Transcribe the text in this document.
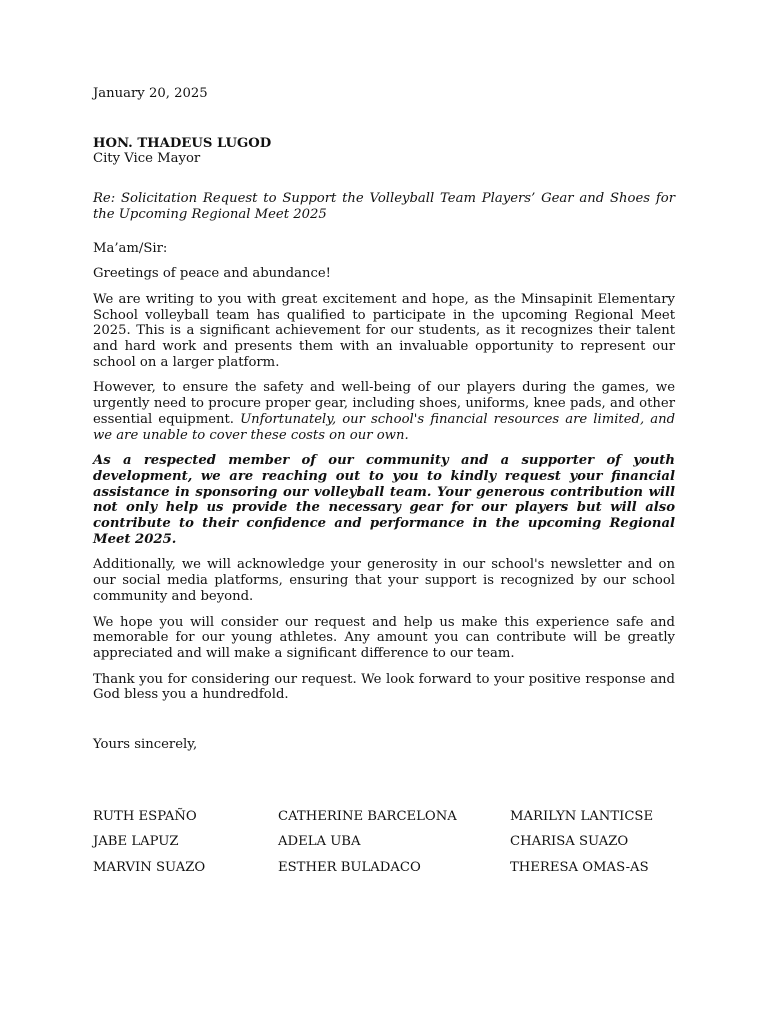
January 20, 2025

HON. THADEUS LUGOD

City Vice Mayor

Re: Solicitation Request to Support the Volleyball Team Players’ Gear and Shoes for the Upcoming Regional Meet 2025

Ma’am/Sir:

Greetings of peace and abundance!

We are writing to you with great excitement and hope, as the Minsapinit Elementary School volleyball team has qualified to participate in the upcoming Regional Meet 2025. This is a significant achievement for our students, as it recognizes their talent and hard work and presents them with an invaluable opportunity to represent our school on a larger platform.

However, to ensure the safety and well-being of our players during the games, we urgently need to procure proper gear, including shoes, uniforms, knee pads, and other essential equipment. Unfortunately, our school's financial resources are limited, and we are unable to cover these costs on our own.

As a respected member of our community and a supporter of youth development, we are reaching out to you to kindly request your financial assistance in sponsoring our volleyball team. Your generous contribution will not only help us provide the necessary gear for our players but will also contribute to their confidence and performance in the upcoming Regional Meet 2025.

Additionally, we will acknowledge your generosity in our school's newsletter and on our social media platforms, ensuring that your support is recognized by our school community and beyond.

We hope you will consider our request and help us make this experience safe and memorable for our young athletes. Any amount you can contribute will be greatly appreciated and will make a significant difference to our team.

Thank you for considering our request. We look forward to your positive response and God bless you a hundredfold.

Yours sincerely,

RUTH ESPAÑO	CATHERINE BARCELONA	MARILYN LANTICSE
JABE LAPUZ	ADELA UBA	CHARISA SUAZO
MARVIN SUAZO	ESTHER BULADACO	THERESA OMAS-AS
